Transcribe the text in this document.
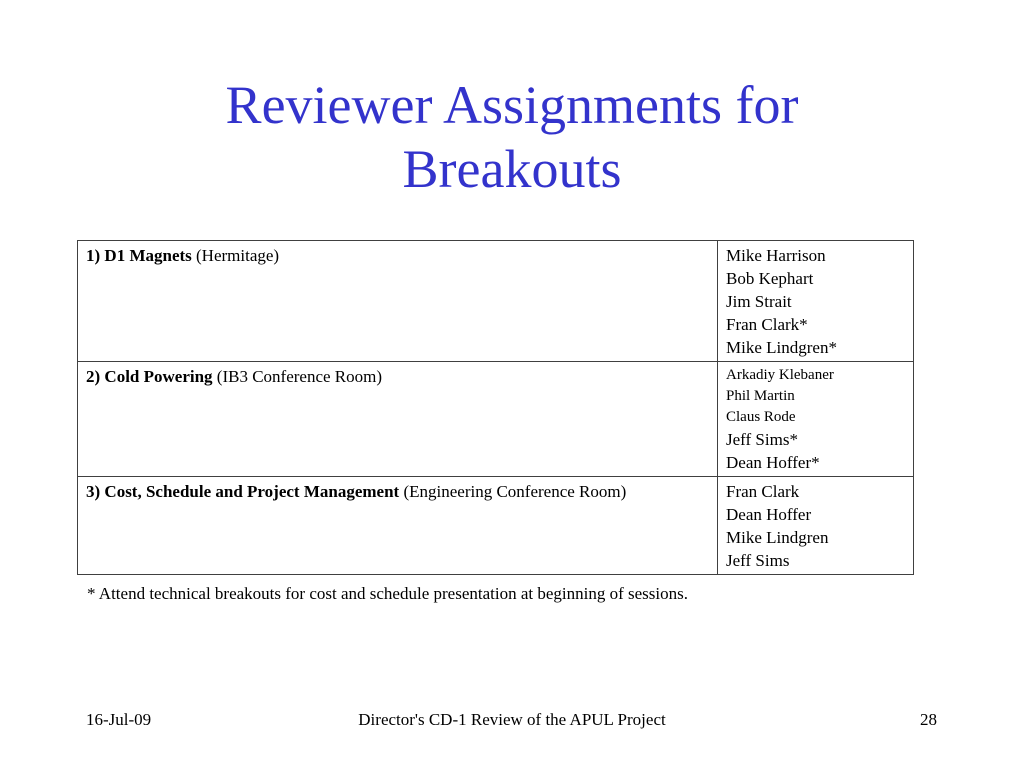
Reviewer Assignments for
Breakouts
1) D1 Magnets (Hermitage)	Mike Harrison
Bob Kephart
Jim Strait
Fran Clark*
Mike Lindgren*

2) Cold Powering (IB3 Conference Room)	Arkadiy Klebaner
Phil Martin
Claus Rode
Jeff Sims*
Dean Hoffer*

3) Cost, Schedule and Project Management (Engineering Conference Room)	Fran Clark
Dean Hoffer
Mike Lindgren
Jeff Sims
* Attend technical breakouts for cost and schedule presentation at beginning of sessions.
16-Jul-09	Director's CD-1 Review of the APUL Project	28
